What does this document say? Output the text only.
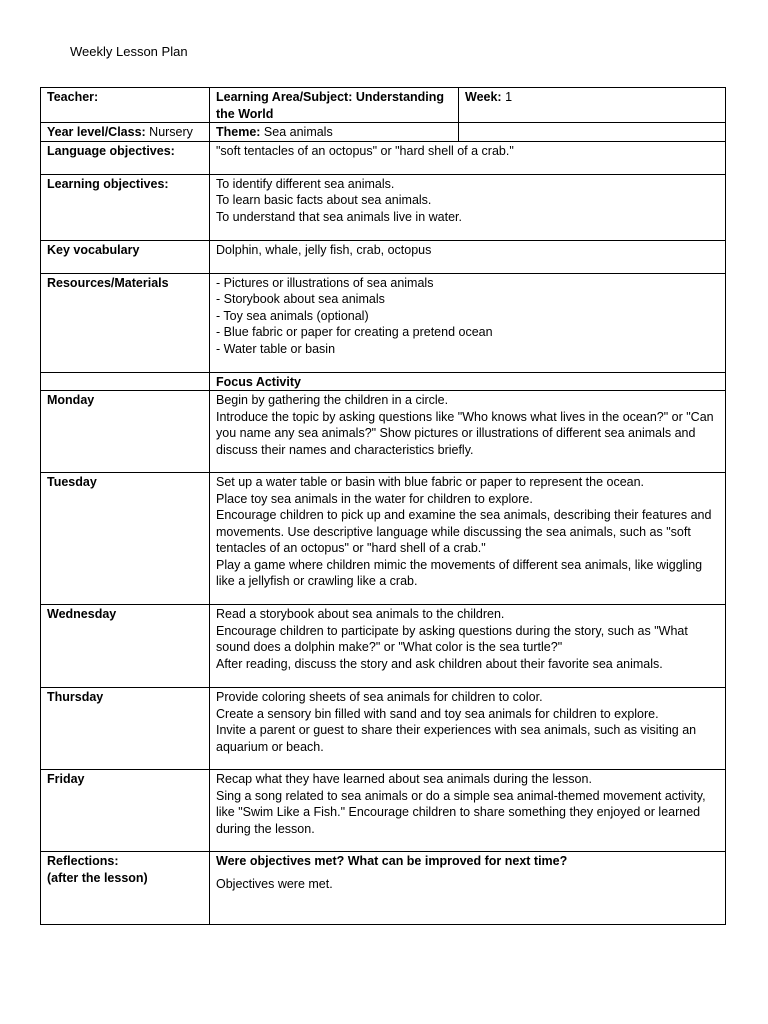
Weekly Lesson Plan
Teacher:	Learning Area/Subject: Understanding the World	Week: 1
Year level/Class: Nursery	Theme: Sea animals	
Language objectives:	"soft tentacles of an octopus" or "hard shell of a crab."	
Learning objectives:	To identify different sea animals.
To learn basic facts about sea animals.
To understand that sea animals live in water.	

Key vocabulary	Dolphin, whale, jelly fish, crab, octopus	
Resources/Materials	- Pictures or illustrations of sea animals
- Storybook about sea animals
- Toy sea animals (optional)
- Blue fabric or paper for creating a pretend ocean
- Water table or basin	

	Focus Activity	
Monday	Begin by gathering the children in a circle.
Introduce the topic by asking questions like "Who knows what lives in the ocean?" or "Can you name any sea animals?" Show pictures or illustrations of different sea animals and discuss their names and characteristics briefly.	

Tuesday	Set up a water table or basin with blue fabric or paper to represent the ocean.
Place toy sea animals in the water for children to explore.
Encourage children to pick up and examine the sea animals, describing their features and movements. Use descriptive language while discussing the sea animals, such as "soft tentacles of an octopus" or "hard shell of a crab."
Play a game where children mimic the movements of different sea animals, like wiggling like a jellyfish or crawling like a crab.	

Wednesday	Read a storybook about sea animals to the children.
Encourage children to participate by asking questions during the story, such as "What sound does a dolphin make?" or "What color is the sea turtle?"
After reading, discuss the story and ask children about their favorite sea animals.	

Thursday	Provide coloring sheets of sea animals for children to color.
Create a sensory bin filled with sand and toy sea animals for children to explore.
Invite a parent or guest to share their experiences with sea animals, such as visiting an aquarium or beach.	

Friday	Recap what they have learned about sea animals during the lesson.
Sing a song related to sea animals or do a simple sea animal-themed movement activity, like "Swim Like a Fish." Encourage children to share something they enjoyed or learned during the lesson.	

Reflections:
(after the lesson)	Were objectives met? What can be improved for next time?
Objectives were met.	
